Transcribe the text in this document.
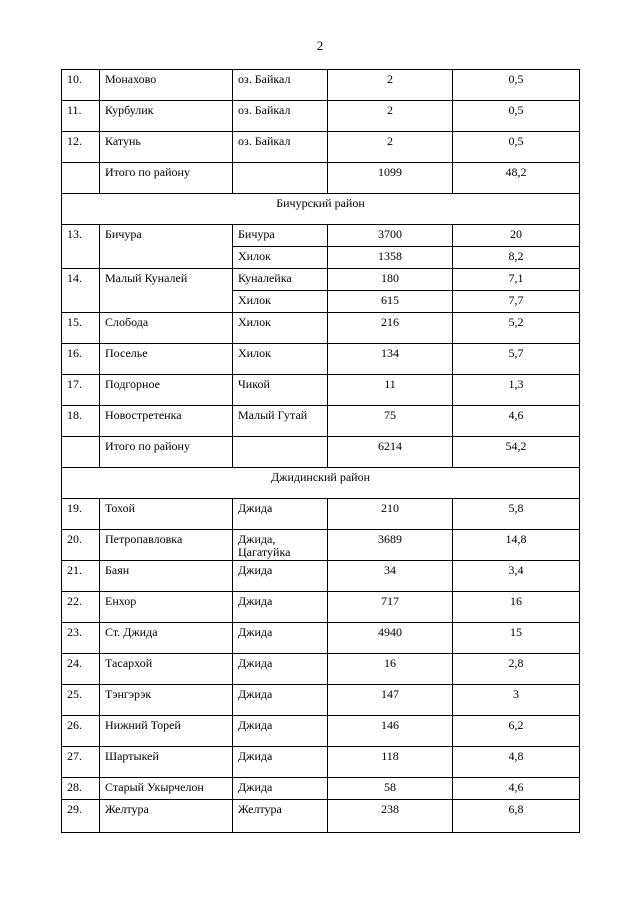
2
10.	Монахово	оз. Байкал	2	0,5
11.	Курбулик	оз. Байкал	2	0,5
12.	Катунь	оз. Байкал	2	0,5
	Итого по району		1099	48,2
Бичурский район				
13.	Бичура	Бичура	3700	20
		Хилок	1358	8,2
14.	Малый Куналей	Куналейка	180	7,1
		Хилок	615	7,7
15.	Слобода	Хилок	216	5,2
16.	Поселье	Хилок	134	5,7
17.	Подгорное	Чикой	11	1,3
18.	Новостретенка	Малый Гутай	75	4,6
	Итого по району		6214	54,2
Джидинский район				
19.	Тохой	Джида	210	5,8
20.	Петропавловка	Джида, Цагатуйка	3689	14,8
21.	Баян	Джида	34	3,4
22.	Енхор	Джида	717	16
23.	Ст. Джида	Джида	4940	15
24.	Тасархой	Джида	16	2,8
25.	Тэнгэрэк	Джида	147	3
26.	Нижний Торей	Джида	146	6,2
27.	Шартыкей	Джида	118	4,8
28.	Старый Укырчелон	Джида	58	4,6
29.	Желтура	Желтура	238	6,8
